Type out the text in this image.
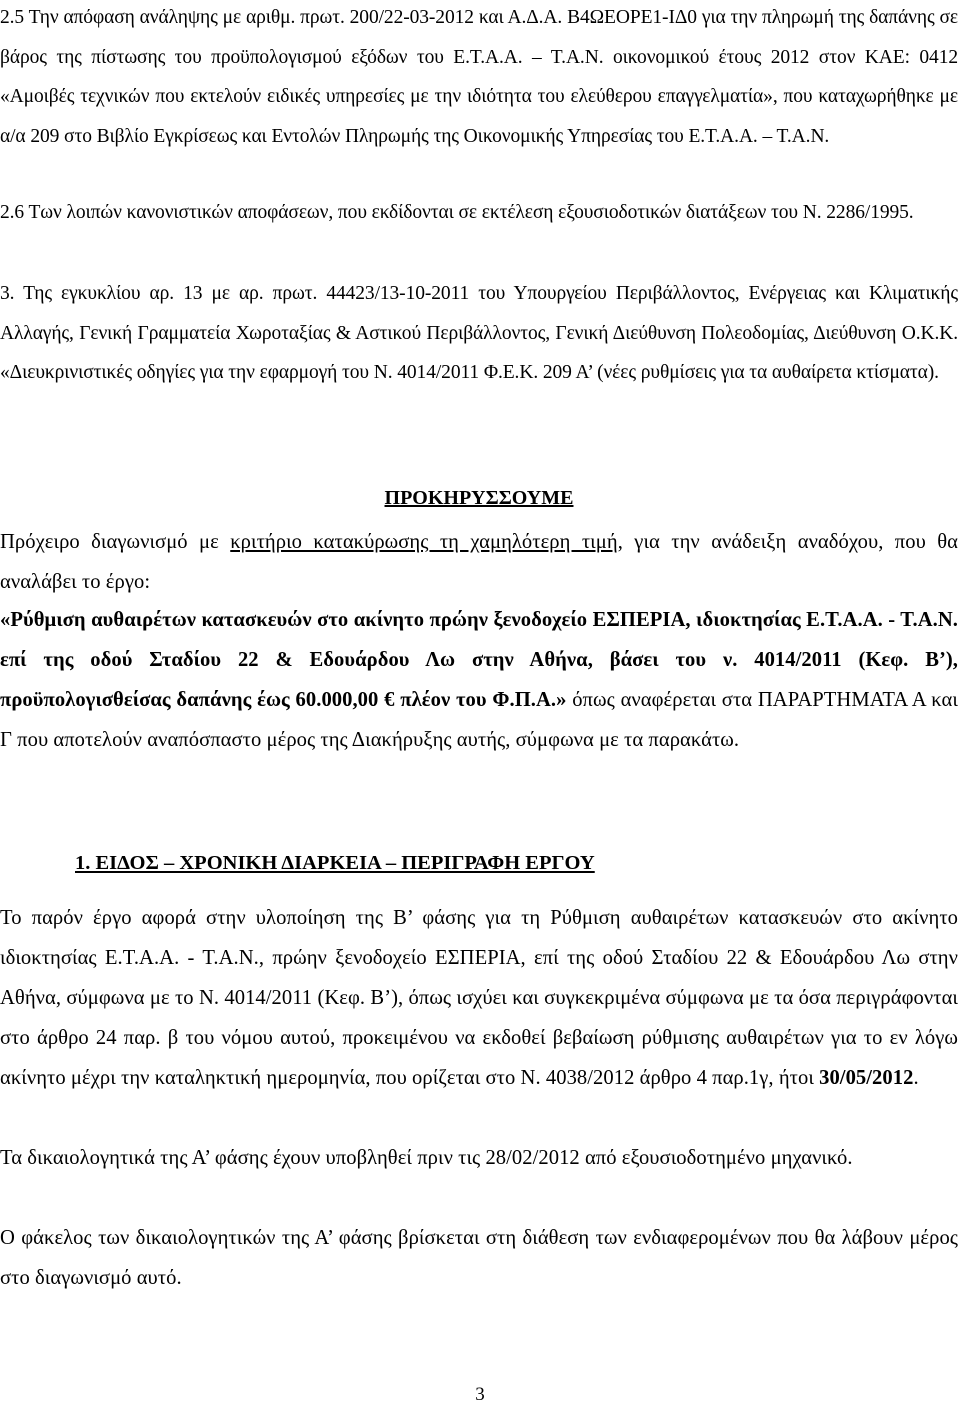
2.5 Την απόφαση ανάληψης με αριθμ. πρωτ. 200/22-03-2012 και Α.Δ.Α. Β4ΩΕΟΡΕ1-ΙΔ0 για την πληρωμή της δαπάνης σε βάρος της πίστωσης του προϋπολογισμού εξόδων του Ε.Τ.Α.Α. – Τ.Α.Ν. οικονομικού έτους 2012 στον ΚΑΕ: 0412 «Αμοιβές τεχνικών που εκτελούν ειδικές υπηρεσίες με την ιδιότητα του ελεύθερου επαγγελματία», που καταχωρήθηκε με α/α 209 στο Βιβλίο Εγκρίσεως και Εντολών Πληρωμής της Οικονομικής Υπηρεσίας του Ε.Τ.Α.Α. – Τ.Α.Ν.

2.6 Των λοιπών κανονιστικών αποφάσεων, που εκδίδονται σε εκτέλεση εξουσιοδοτικών διατάξεων του Ν. 2286/1995.

3. Της εγκυκλίου αρ. 13 με αρ. πρωτ. 44423/13-10-2011 του Υπουργείου Περιβάλλοντος, Ενέργειας και Κλιματικής Αλλαγής, Γενική Γραμματεία Χωροταξίας & Αστικού Περιβάλλοντος, Γενική Διεύθυνση Πολεοδομίας, Διεύθυνση Ο.Κ.Κ. «Διευκρινιστικές οδηγίες για την εφαρμογή του Ν. 4014/2011 Φ.Ε.Κ. 209 Α’ (νέες ρυθμίσεις για τα αυθαίρετα κτίσματα).

ΠΡΟΚΗΡΥΣΣΟΥΜΕ

Πρόχειρο διαγωνισμό με κριτήριο κατακύρωσης τη χαμηλότερη τιμή, για την ανάδειξη αναδόχου, που θα αναλάβει το έργο:

«Ρύθμιση αυθαιρέτων κατασκευών στο ακίνητο πρώην ξενοδοχείο ΕΣΠΕΡΙΑ, ιδιοκτησίας Ε.Τ.Α.Α. - Τ.Α.Ν. επί της οδού Σταδίου 22 & Εδουάρδου Λω στην Αθήνα, βάσει του ν. 4014/2011 (Κεφ. Β’), προϋπολογισθείσας δαπάνης έως 60.000,00 € πλέον του Φ.Π.Α.» όπως αναφέρεται στα ΠΑΡΑΡΤΗΜΑΤΑ Α και Γ που αποτελούν αναπόσπαστο μέρος της Διακήρυξης αυτής, σύμφωνα με τα παρακάτω.

1. ΕΙΔΟΣ – ΧΡΟΝΙΚΗ ΔΙΑΡΚΕΙΑ – ΠΕΡΙΓΡΑΦΗ ΕΡΓΟΥ

Το παρόν έργο αφορά στην υλοποίηση της Β’ φάσης για τη Ρύθμιση αυθαιρέτων κατασκευών στο ακίνητο ιδιοκτησίας Ε.Τ.Α.Α. - Τ.Α.Ν., πρώην ξενοδοχείο ΕΣΠΕΡΙΑ, επί της οδού Σταδίου 22 & Εδουάρδου Λω στην Αθήνα, σύμφωνα με το Ν. 4014/2011 (Κεφ. Β’), όπως ισχύει και συγκεκριμένα σύμφωνα με τα όσα περιγράφονται στο άρθρο 24 παρ. β του νόμου αυτού, προκειμένου να εκδοθεί βεβαίωση ρύθμισης αυθαιρέτων για το εν λόγω ακίνητο μέχρι την καταληκτική ημερομηνία, που ορίζεται στο Ν. 4038/2012 άρθρο 4 παρ.1γ, ήτοι 30/05/2012.

Τα δικαιολογητικά της Α’ φάσης έχουν υποβληθεί πριν τις 28/02/2012 από εξουσιοδοτημένο μηχανικό.

Ο φάκελος των δικαιολογητικών της Α’ φάσης βρίσκεται στη διάθεση των ενδιαφερομένων που θα λάβουν μέρος στο διαγωνισμό αυτό.

3
